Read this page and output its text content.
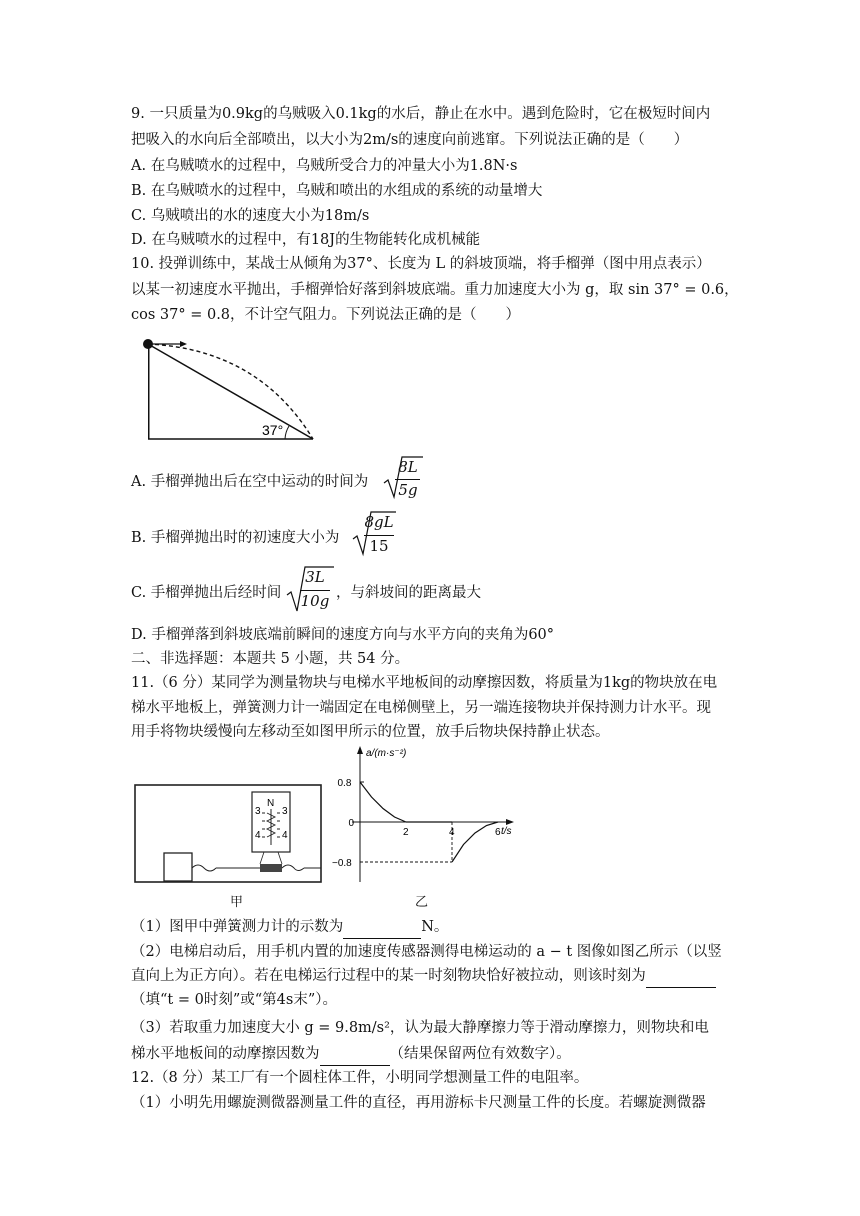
9. 一只质量为0.9kg的乌贼吸入0.1kg的水后，静止在水中。遇到危险时，它在极短时间内
把吸入的水向后全部喷出，以大小为2m/s的速度向前逃窜。下列说法正确的是（　　）
A. 在乌贼喷水的过程中，乌贼所受合力的冲量大小为1.8N·s
B. 在乌贼喷水的过程中，乌贼和喷出的水组成的系统的动量增大
C. 乌贼喷出的水的速度大小为18m/s
D. 在乌贼喷水的过程中，有18J的生物能转化成机械能
10. 投弹训练中，某战士从倾角为37°、长度为 L 的斜坡顶端，将手榴弹（图中用点表示）
以某一初速度水平抛出，手榴弹恰好落到斜坡底端。重力加速度大小为 g，取 sin 37° = 0.6，
cos 37° = 0.8，不计空气阻力。下列说法正确的是（　　）
37°
A. 手榴弹抛出后在空中运动的时间为
8L
5g
B. 手榴弹抛出时的初速度大小为
8gL
15
C. 手榴弹抛出后经时间
3L
10g ，与斜坡间的距离最大
D. 手榴弹落到斜坡底端前瞬间的速度方向与水平方向的夹角为60°
二、非选择题：本题共 5 小题，共 54 分。
11.（6 分）某同学为测量物块与电梯水平地板间的动摩擦因数，将质量为1kg的物块放在电
梯水平地板上，弹簧测力计一端固定在电梯侧壁上，另一端连接物块并保持测力计水平。现
用手将物块缓慢向左移动至如图甲所示的位置，放手后物块保持静止状态。
N
3 3
4 4
甲
a/(m·s⁻²)
t/s
2	4	6
0.8
0
−0.8
乙
（1）图甲中弹簧测力计的示数为	N。
（2）电梯启动后，用手机内置的加速度传感器测得电梯运动的 a − t 图像如图乙所示（以竖
直向上为正方向）。若在电梯运行过程中的某一时刻物块恰好被拉动，则该时刻为
（填“t = 0时刻”或“第4s末”）。
（3）若取重力加速度大小 g = 9.8m/s²，认为最大静摩擦力等于滑动摩擦力，则物块和电
梯水平地板间的动摩擦因数为	（结果保留两位有效数字）。
12.（8 分）某工厂有一个圆柱体工件，小明同学想测量工件的电阻率。
（1）小明先用螺旋测微器测量工件的直径，再用游标卡尺测量工件的长度。若螺旋测微器
